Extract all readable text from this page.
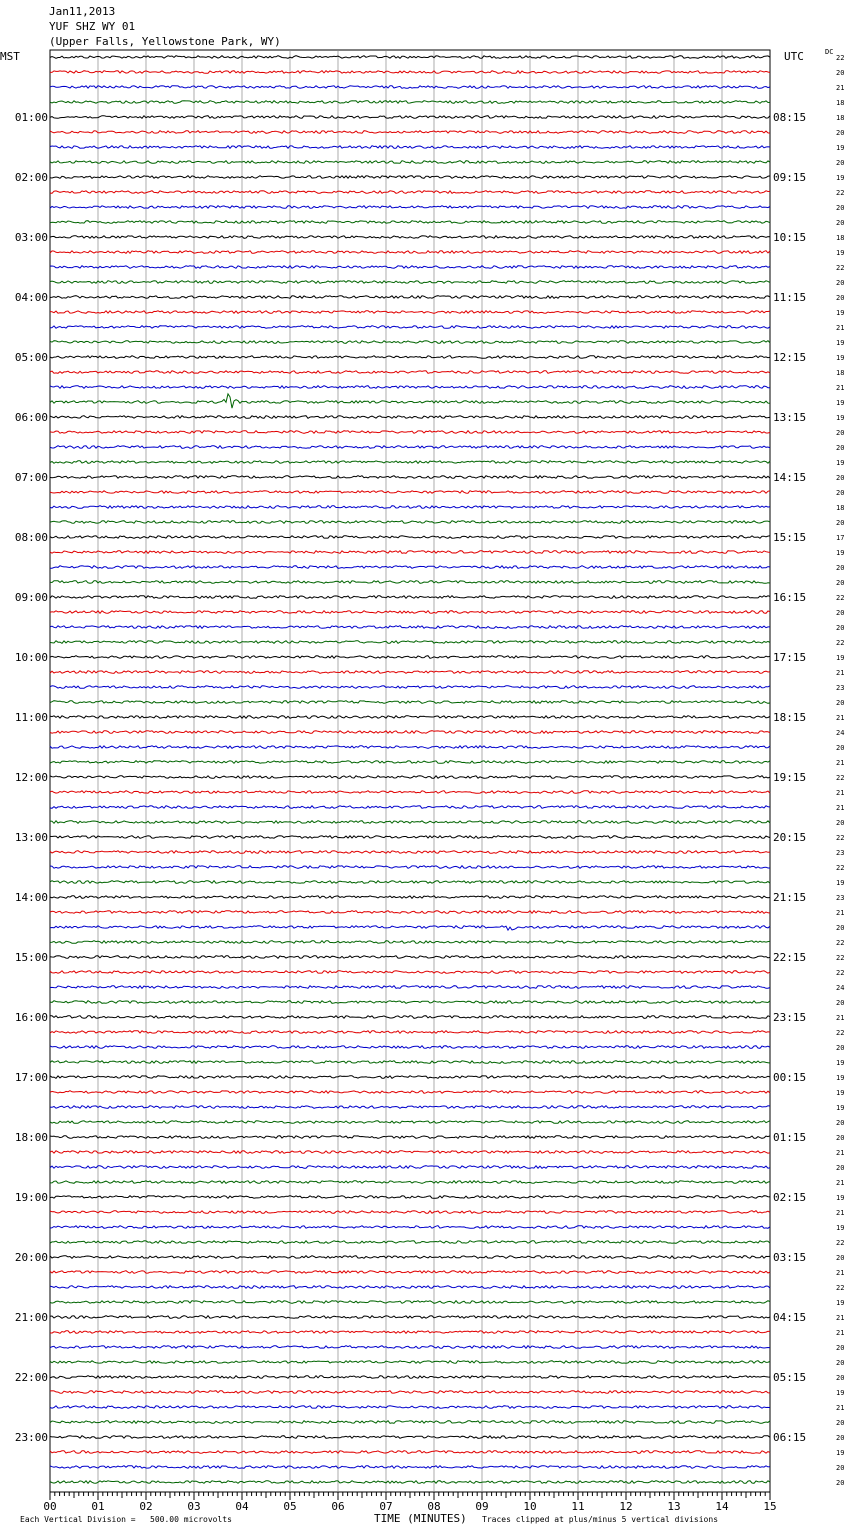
Jan11,2013
YUF SHZ WY 01
(Upper Falls, Yellowstone Park, WY)
MST	UTC	DC
01:00
02:00
03:00
04:00
05:00
06:00
07:00
08:00
09:00
10:00
11:00
12:00
13:00
14:00
15:00
16:00
17:00
18:00
19:00
20:00
21:00
22:00
23:00
08:15
09:15
10:15
11:15
12:15
13:15
14:15
15:15
16:15
17:15
18:15
19:15
20:15
21:15
22:15
23:15
00:15
01:15
02:15
03:15
04:15
05:15
06:15
22
20
21
18
18
20
19
20
19
22
20
20
18
19
22
20
20
19
21
19
19
18
21
19
19
20
20
19
20
20
18
20
17
19
20
20
22
20
20
22
19
21
23
20
21
24
20
21
22
21
21
20
22
23
22
19
23
21
20
22
22
22
24
20
21
22
20
19
19
19
19
20
20
21
20
21
19
21
19
22
20
21
22
19
21
21
20
20
20
19
21
20
20
19
20
20
00	01	02	03	04	05	06	07	08	09	10	11	12	13	14	15
Each Vertical Division =   500.00 microvolts	TIME (MINUTES) Traces clipped at plus/minus 5 vertical divisions
